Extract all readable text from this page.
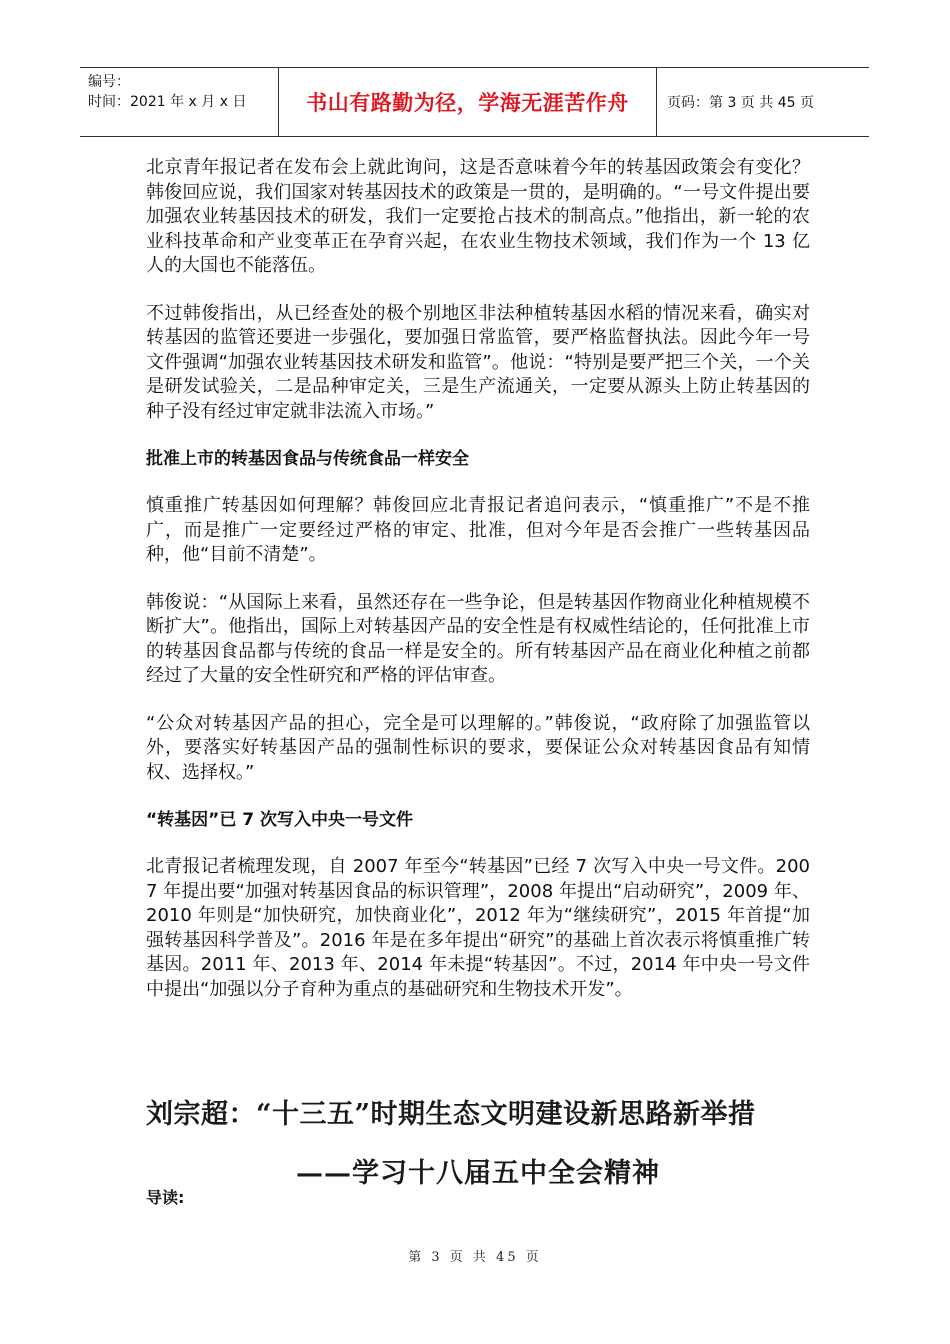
编号：
时间：2021 年 x 月 x 日	书山有路勤为径，学海无涯苦作舟	页码：第 3 页 共 45 页

北京青年报记者在发布会上就此询问，这是否意味着今年的转基因政策会有变化？韩俊回应说，我们国家对转基因技术的政策是一贯的，是明确的。“一号文件提出要加强农业转基因技术的研发，我们一定要抢占技术的制高点。”他指出，新一轮的农业科技革命和产业变革正在孕育兴起，在农业生物技术领域，我们作为一个 13 亿人的大国也不能落伍。

不过韩俊指出，从已经查处的极个别地区非法种植转基因水稻的情况来看，确实对转基因的监管还要进一步强化，要加强日常监管，要严格监督执法。因此今年一号文件强调“加强农业转基因技术研发和监管”。他说：“特别是要严把三个关，一个关是研发试验关，二是品种审定关，三是生产流通关，一定要从源头上防止转基因的种子没有经过审定就非法流入市场。”

批准上市的转基因食品与传统食品一样安全

慎重推广转基因如何理解？韩俊回应北青报记者追问表示，“慎重推广”不是不推广，而是推广一定要经过严格的审定、批准，但对今年是否会推广一些转基因品种，他“目前不清楚”。

韩俊说：“从国际上来看，虽然还存在一些争论，但是转基因作物商业化种植规模不断扩大”。他指出，国际上对转基因产品的安全性是有权威性结论的，任何批准上市的转基因食品都与传统的食品一样是安全的。所有转基因产品在商业化种植之前都经过了大量的安全性研究和严格的评估审查。

“公众对转基因产品的担心，完全是可以理解的。”韩俊说，“政府除了加强监管以外，要落实好转基因产品的强制性标识的要求，要保证公众对转基因食品有知情权、选择权。”

“转基因”已 7 次写入中央一号文件

北青报记者梳理发现，自 2007 年至今“转基因”已经 7 次写入中央一号文件。2007 年提出要“加强对转基因食品的标识管理”，2008 年提出“启动研究”，2009 年、2010 年则是“加快研究，加快商业化”，2012 年为“继续研究”，2015 年首提“加强转基因科学普及”。2016 年是在多年提出“研究”的基础上首次表示将慎重推广转基因。2011 年、2013 年、2014 年未提“转基因”。不过，2014 年中央一号文件中提出“加强以分子育种为重点的基础研究和生物技术开发”。

刘宗超：“十三五”时期生态文明建设新思路新举措
——学习十八届五中全会精神
导读:
第 3 页 共 45 页
